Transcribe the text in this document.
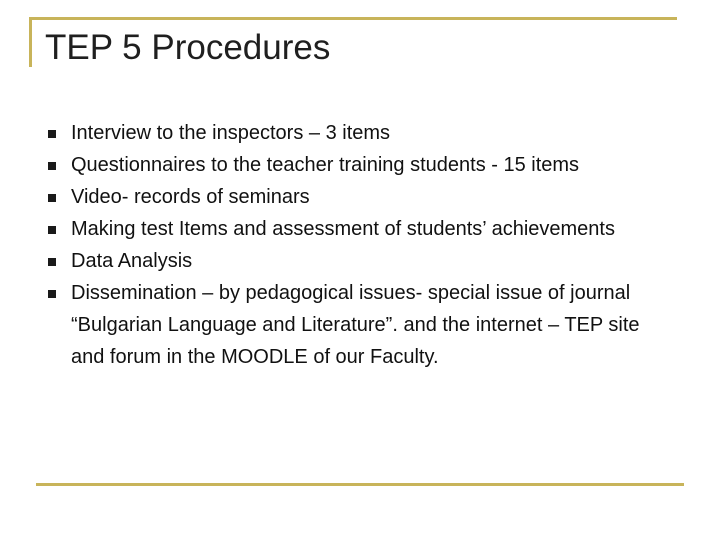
TEP 5 Procedures
Interview to the inspectors – 3 items
Questionnaires to the teacher training students - 15 items
Video- records of seminars
Making test Items and assessment of students’ achievements
Data Analysis
Dissemination – by pedagogical issues- special issue of journal “Bulgarian Language and Literature”. and the internet – TEP site and forum in the MOODLE of our Faculty.
